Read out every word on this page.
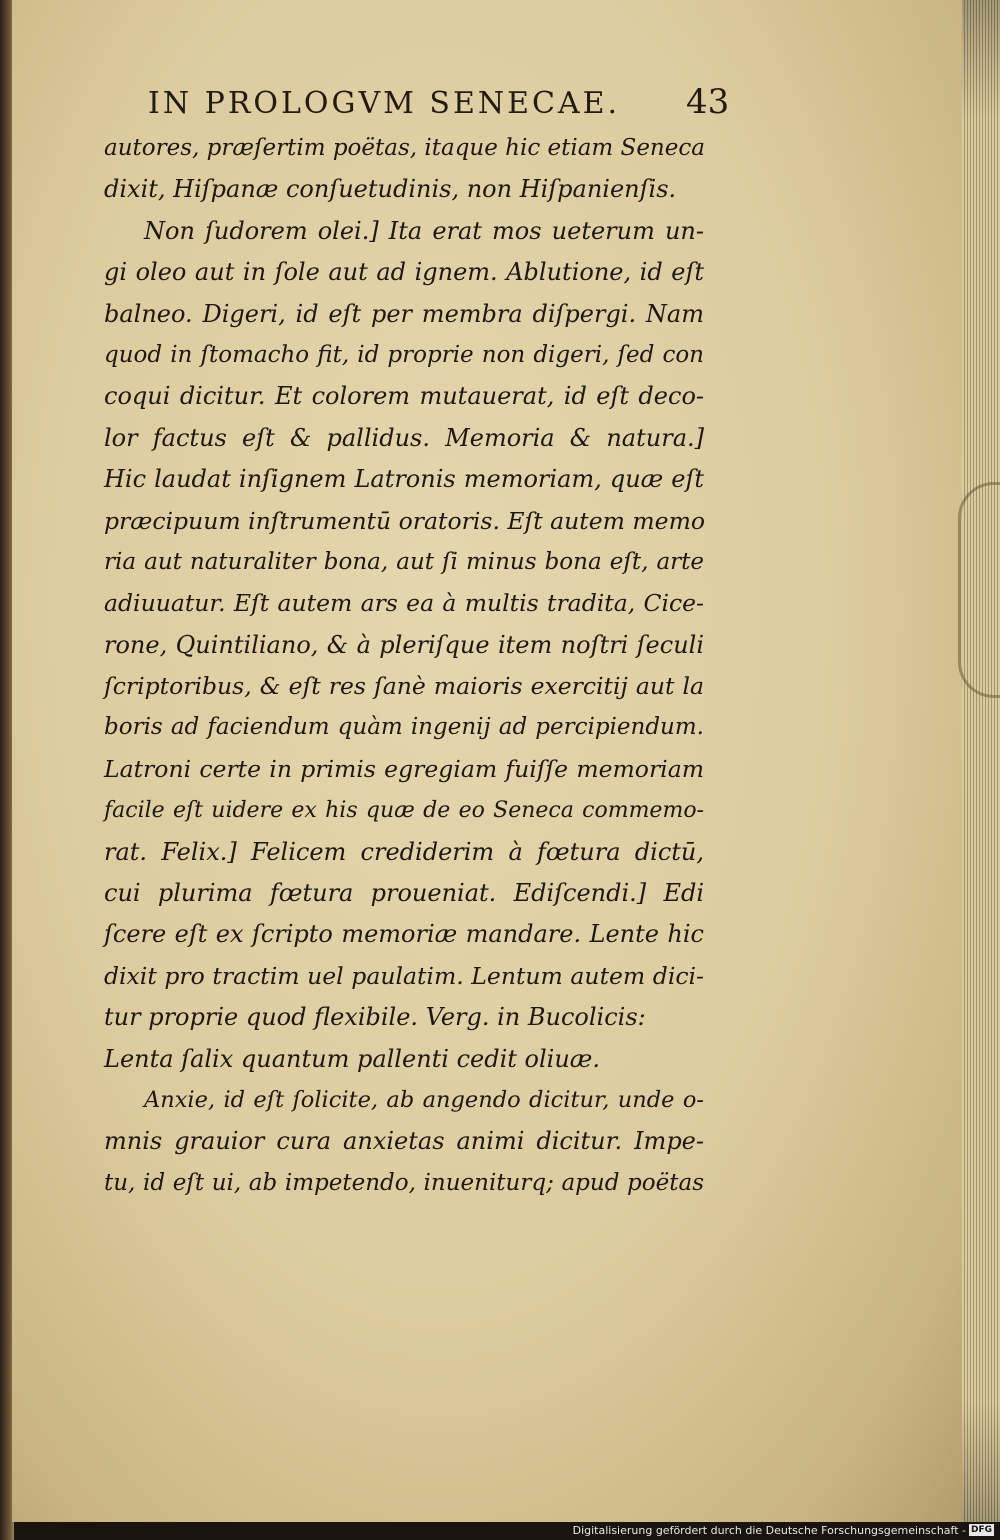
IN PROLOGVM SENECAE. 43
autores, præſertim poëtas, itaque hic etiam Seneca
dixit, Hiſpanæ conſuetudinis, non Hiſpanienſis.
Non ſudorem olei.] Ita erat mos ueterum un-
gi oleo aut in ſole aut ad ignem. Ablutione, id eſt
balneo. Digeri, id eſt per membra diſpergi. Nam
quod in ſtomacho fit, id proprie non digeri, ſed con
coqui dicitur. Et colorem mutauerat, id eſt deco-
lor factus eſt & pallidus. Memoria & natura.]
Hic laudat inſignem Latronis memoriam, quæ eſt
præcipuum inſtrumentū oratoris. Eſt autem memo
ria aut naturaliter bona, aut ſi minus bona eſt, arte
adiuuatur. Eſt autem ars ea à multis tradita, Cice-
rone, Quintiliano, & à pleriſque item noſtri ſeculi
ſcriptoribus, & eſt res ſanè maioris exercitij aut la
boris ad faciendum quàm ingenij ad percipiendum.
Latroni certe in primis egregiam fuiſſe memoriam
facile eſt uidere ex his quæ de eo Seneca commemo-
rat. Felix.] Felicem crediderim à fœtura dictū,
cui plurima fœtura proueniat. Ediſcendi.] Edi
ſcere eſt ex ſcripto memoriæ mandare. Lente hic
dixit pro tractim uel paulatim. Lentum autem dici-
tur proprie quod flexibile. Verg. in Bucolicis:
Lenta ſalix quantum pallenti cedit oliuæ.
Anxie, id eſt ſolicite, ab angendo dicitur, unde o-
mnis grauior cura anxietas animi dicitur. Impe-
tu, id eſt ui, ab impetendo, inueniturq; apud poëtas
Digitalisierung gefördert durch die Deutsche Forschungsgemeinschaft - DFG
